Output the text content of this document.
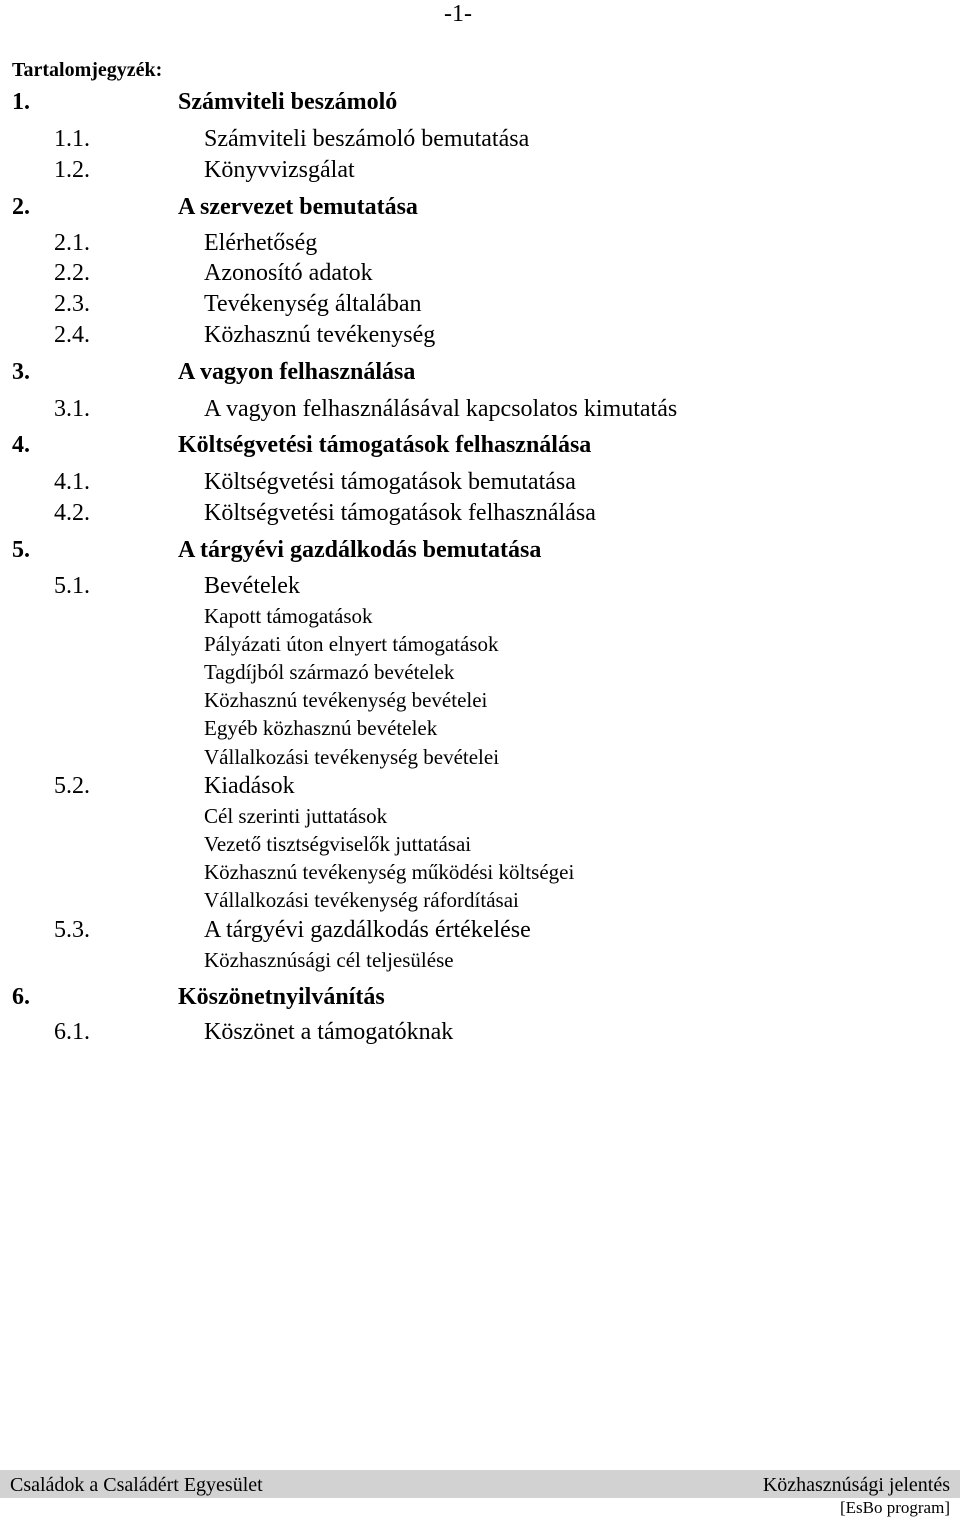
-1-
Tartalomjegyzék:
1.	Számviteli beszámoló
1.1.	Számviteli beszámoló bemutatása
1.2.	Könyvvizsgálat
2.	A szervezet bemutatása
2.1.	Elérhetőség
2.2.	Azonosító adatok
2.3.	Tevékenység általában
2.4.	Közhasznú tevékenység
3.	A vagyon felhasználása
3.1.	A vagyon felhasználásával kapcsolatos kimutatás
4.	Költségvetési támogatások felhasználása
4.1.	Költségvetési támogatások bemutatása
4.2.	Költségvetési támogatások felhasználása
5.	A tárgyévi gazdálkodás bemutatása
5.1.	Bevételek
Kapott támogatások
Pályázati úton elnyert támogatások
Tagdíjból származó bevételek
Közhasznú tevékenység bevételei
Egyéb közhasznú bevételek
Vállalkozási tevékenység bevételei
5.2.	Kiadások
Cél szerinti juttatások
Vezető tisztségviselők juttatásai
Közhasznú tevékenység működési költségei
Vállalkozási tevékenység ráfordításai
5.3.	A tárgyévi gazdálkodás értékelése
Közhasznúsági cél teljesülése
6.	Köszönetnyilvánítás
6.1.	Köszönet a támogatóknak
Családok a Családért Egyesület	Közhasznúsági jelentés
[EsBo program]
